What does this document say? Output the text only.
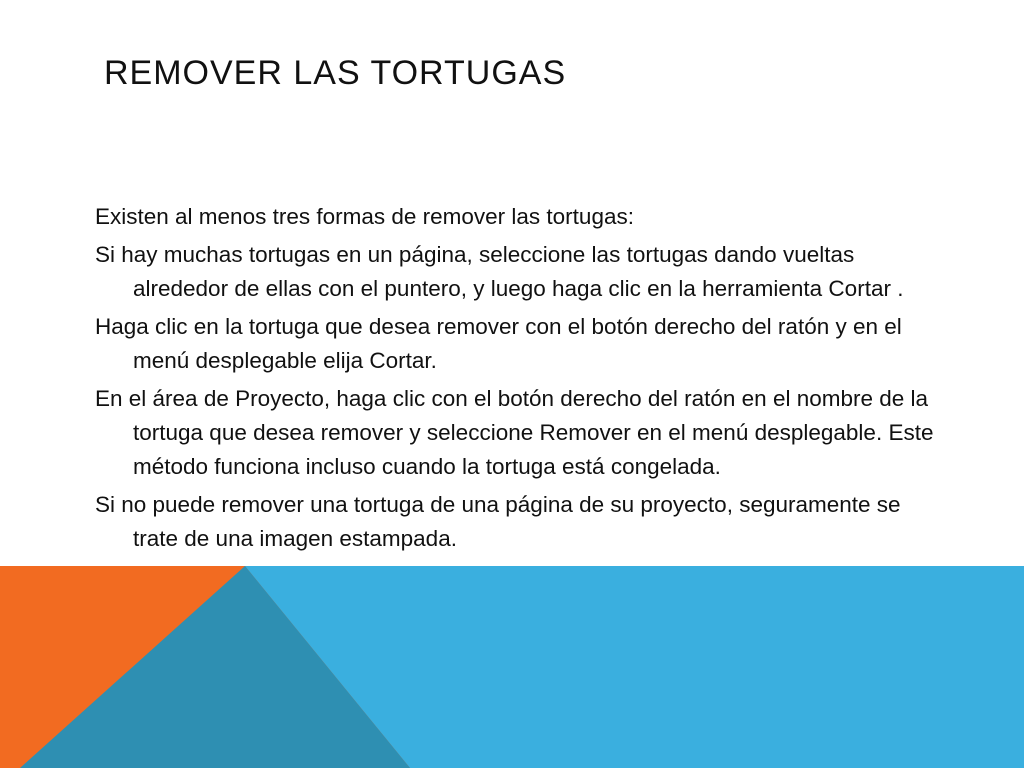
REMOVER LAS TORTUGAS
Existen al menos tres formas de remover las tortugas:
Si hay muchas tortugas en un página, seleccione las tortugas dando vueltas alrededor de ellas con el puntero, y luego haga clic en la herramienta Cortar .
Haga clic en la tortuga que desea remover con el botón derecho del ratón y en el menú desplegable elija Cortar.
En el área de Proyecto, haga clic con el botón derecho del ratón en el nombre de la tortuga que desea remover y seleccione Remover en el menú desplegable. Este método funciona incluso cuando la tortuga está congelada.
Si no puede remover una tortuga de una página de su proyecto, seguramente se trate de una imagen estampada.
